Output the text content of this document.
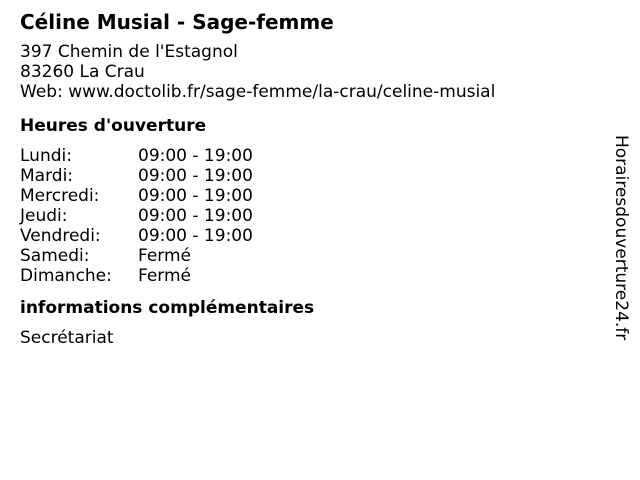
Céline Musial - Sage-femme
397 Chemin de l'Estagnol
83260 La Crau
Web: www.doctolib.fr/sage-femme/la-crau/celine-musial
Heures d'ouverture
Lundi:	09:00 - 19:00
Mardi:	09:00 - 19:00
Mercredi:	09:00 - 19:00
Jeudi:	09:00 - 19:00
Vendredi:	09:00 - 19:00
Samedi:	Fermé
Dimanche:	Fermé
informations complémentaires
Secrétariat	Horairesdouverture24.fr
